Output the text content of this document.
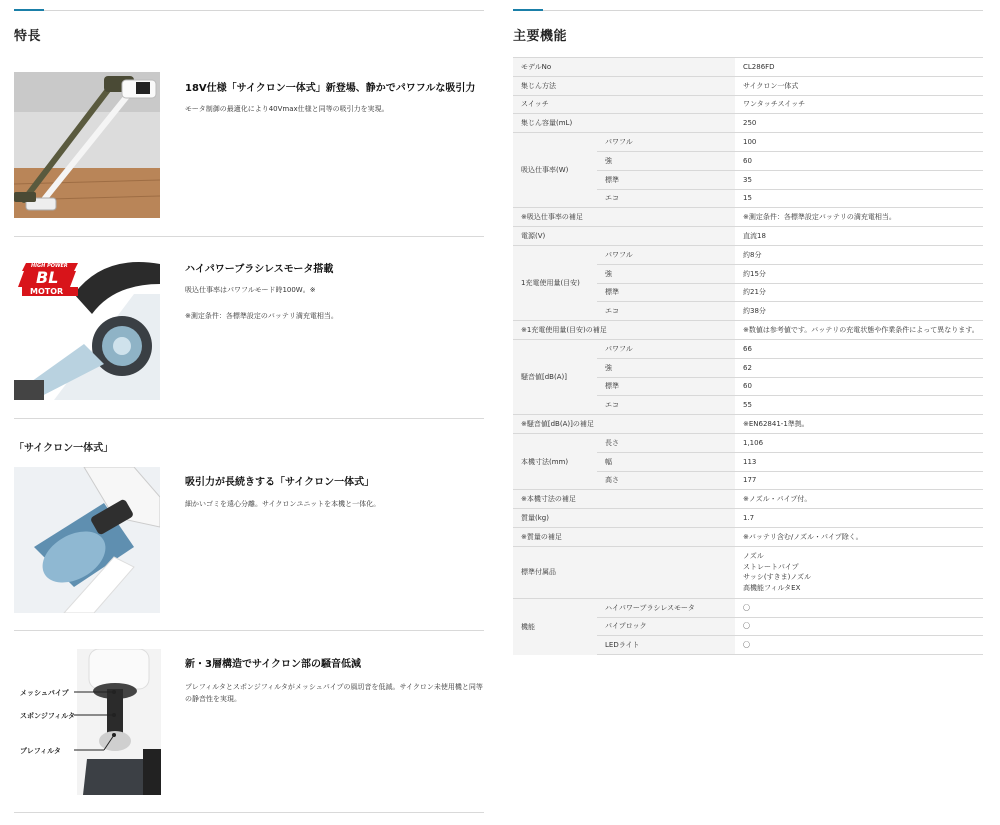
特長
18V仕様「サイクロン一体式」新登場、静かでパワフルな吸引力
モータ制御の最適化により40Vmax仕様と同等の吸引力を実現。
HIGH POWER
BL
MOTOR
ハイパワーブラシレスモータ搭載
吸込仕事率はパワフルモード時100W。※
※測定条件：各標準設定のバッテリ満充電相当。
「サイクロン一体式」
吸引力が長続きする「サイクロン一体式」
細かいゴミを遠心分離。サイクロンユニットを本機と一体化。
メッシュパイプ
スポンジフィルタ
プレフィルタ
新・3層構造でサイクロン部の騒音低減
プレフィルタとスポンジフィルタがメッシュパイプの風切音を低減。サイクロン未使用機と同等の静音性を実現。
主要機能
モデルNo		CL286FD
集じん方法		サイクロン一体式
スイッチ		ワンタッチスイッチ
集じん容量(mL)		250
吸込仕事率(W)	パワフル	100
	強	60
	標準	35
	エコ	15
※吸込仕事率の補足		※測定条件：各標準設定バッテリの満充電相当。
電源(V)		直流18
1充電使用量(目安)	パワフル	約8分
	強	約15分
	標準	約21分
	エコ	約38分
※1充電使用量(目安)の補足		※数値は参考値です。バッテリの充電状態や作業条件によって異なります。
騒音値[dB(A)]	パワフル	66
	強	62
	標準	60
	エコ	55
※騒音値[dB(A)]の補足		※EN62841-1準拠。
本機寸法(mm)	長さ	1,106
	幅	113
	高さ	177
※本機寸法の補足		※ノズル・パイプ付。
質量(kg)		1.7
※質量の補足		※バッテリ含む/ノズル・パイプ除く。
標準付属品		ノズル
ストレートパイプ
サッシ(すきま)ノズル
高機能フィルタEX

機能	ハイパワーブラシレスモータ	〇
	パイプロック	〇
	LEDライト	〇
